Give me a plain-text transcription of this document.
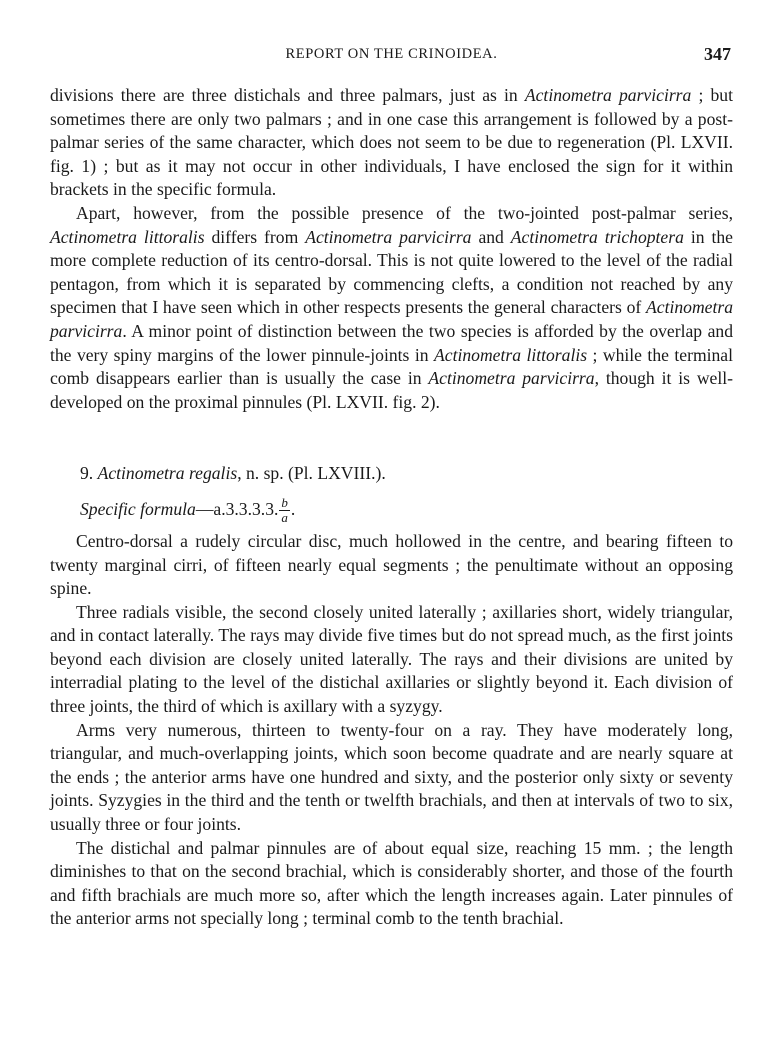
REPORT ON THE CRINOIDEA.	347

divisions there are three distichals and three palmars, just as in Actinometra parvicirra ; but sometimes there are only two palmars ; and in one case this arrangement is followed by a post-palmar series of the same character, which does not seem to be due to regeneration (Pl. LXVII. fig. 1) ; but as it may not occur in other individuals, I have enclosed the sign for it within brackets in the specific formula.

Apart, however, from the possible presence of the two-jointed post-palmar series, Actinometra littoralis differs from Actinometra parvicirra and Actinometra trichoptera in the more complete reduction of its centro-dorsal. This is not quite lowered to the level of the radial pentagon, from which it is separated by commencing clefts, a condition not reached by any specimen that I have seen which in other respects presents the general characters of Actinometra parvicirra. A minor point of distinction between the two species is afforded by the overlap and the very spiny margins of the lower pinnule-joints in Actinometra littoralis ; while the terminal comb disappears earlier than is usually the case in Actinometra parvicirra, though it is well-developed on the proximal pinnules (Pl. LXVII. fig. 2).

9. Actinometra regalis, n. sp. (Pl. LXVIII.).

Specific formula—a.3.3.3.3. $\frac{b}{a}$ .

Centro-dorsal a rudely circular disc, much hollowed in the centre, and bearing fifteen to twenty marginal cirri, of fifteen nearly equal segments ; the penultimate without an opposing spine.

Three radials visible, the second closely united laterally ; axillaries short, widely triangular, and in contact laterally. The rays may divide five times but do not spread much, as the first joints beyond each division are closely united laterally. The rays and their divisions are united by interradial plating to the level of the distichal axillaries or slightly beyond it. Each division of three joints, the third of which is axillary with a syzygy.

Arms very numerous, thirteen to twenty-four on a ray. They have moderately long, triangular, and much-overlapping joints, which soon become quadrate and are nearly square at the ends ; the anterior arms have one hundred and sixty, and the posterior only sixty or seventy joints. Syzygies in the third and the tenth or twelfth brachials, and then at intervals of two to six, usually three or four joints.

The distichal and palmar pinnules are of about equal size, reaching 15 mm. ; the length diminishes to that on the second brachial, which is considerably shorter, and those of the fourth and fifth brachials are much more so, after which the length increases again. Later pinnules of the anterior arms not specially long ; terminal comb to the tenth brachial.
